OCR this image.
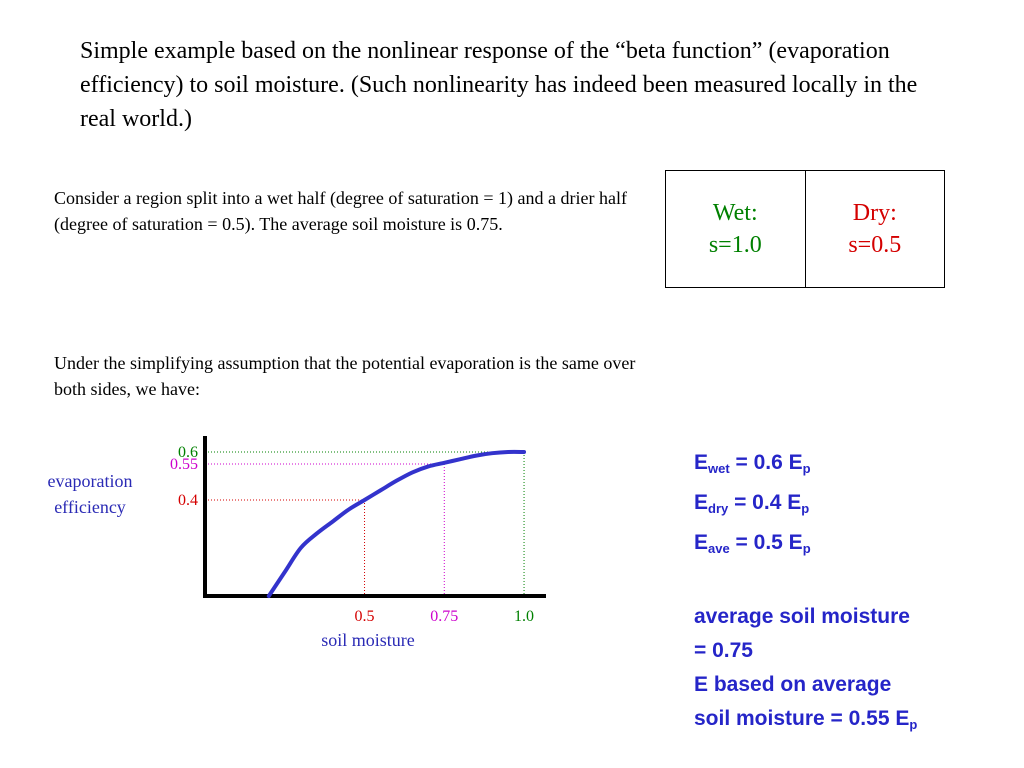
Simple example based on the nonlinear response of the “beta function” (evaporation efficiency) to soil moisture. (Such nonlinearity has indeed been measured locally in the real world.)
Consider a region split into a wet half (degree of saturation = 1) and a drier half (degree of saturation = 0.5). The average soil moisture is 0.75.	Wet:
s=1.0
Dry:
s=0.5
Under the simplifying assumption that the potential evaporation is the same over both sides, we have:
0.5	0.75	1.0
0.6
0.55
0.4
evaporation efficiency
soil moisture
$E_{wet} = 0.6$ $E_p$
$E_{dry} = 0.4$ $E_p$
$E_{ave} = 0.5$ $E_p$
average soil moisture
= 0.75
E based on average
soil moisture = 0.55 $E_p$
